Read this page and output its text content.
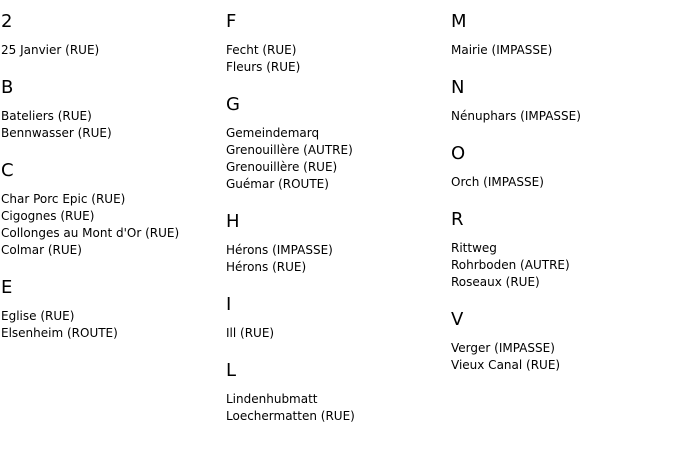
2
25 Janvier (RUE)
B
Bateliers (RUE)
Bennwasser (RUE)
C
Char Porc Epic (RUE)
Cigognes (RUE)
Collonges au Mont d'Or (RUE)
Colmar (RUE)
E
Eglise (RUE)
Elsenheim (ROUTE)
F
Fecht (RUE)
Fleurs (RUE)
G
Gemeindemarq
Grenouillère (AUTRE)
Grenouillère (RUE)
Guémar (ROUTE)
H
Hérons (IMPASSE)
Hérons (RUE)
I
Ill (RUE)
L
Lindenhubmatt
Loechermatten (RUE)
M
Mairie (IMPASSE)
N
Nénuphars (IMPASSE)
O
Orch (IMPASSE)
R
Rittweg
Rohrboden (AUTRE)
Roseaux (RUE)
V
Verger (IMPASSE)
Vieux Canal (RUE)
